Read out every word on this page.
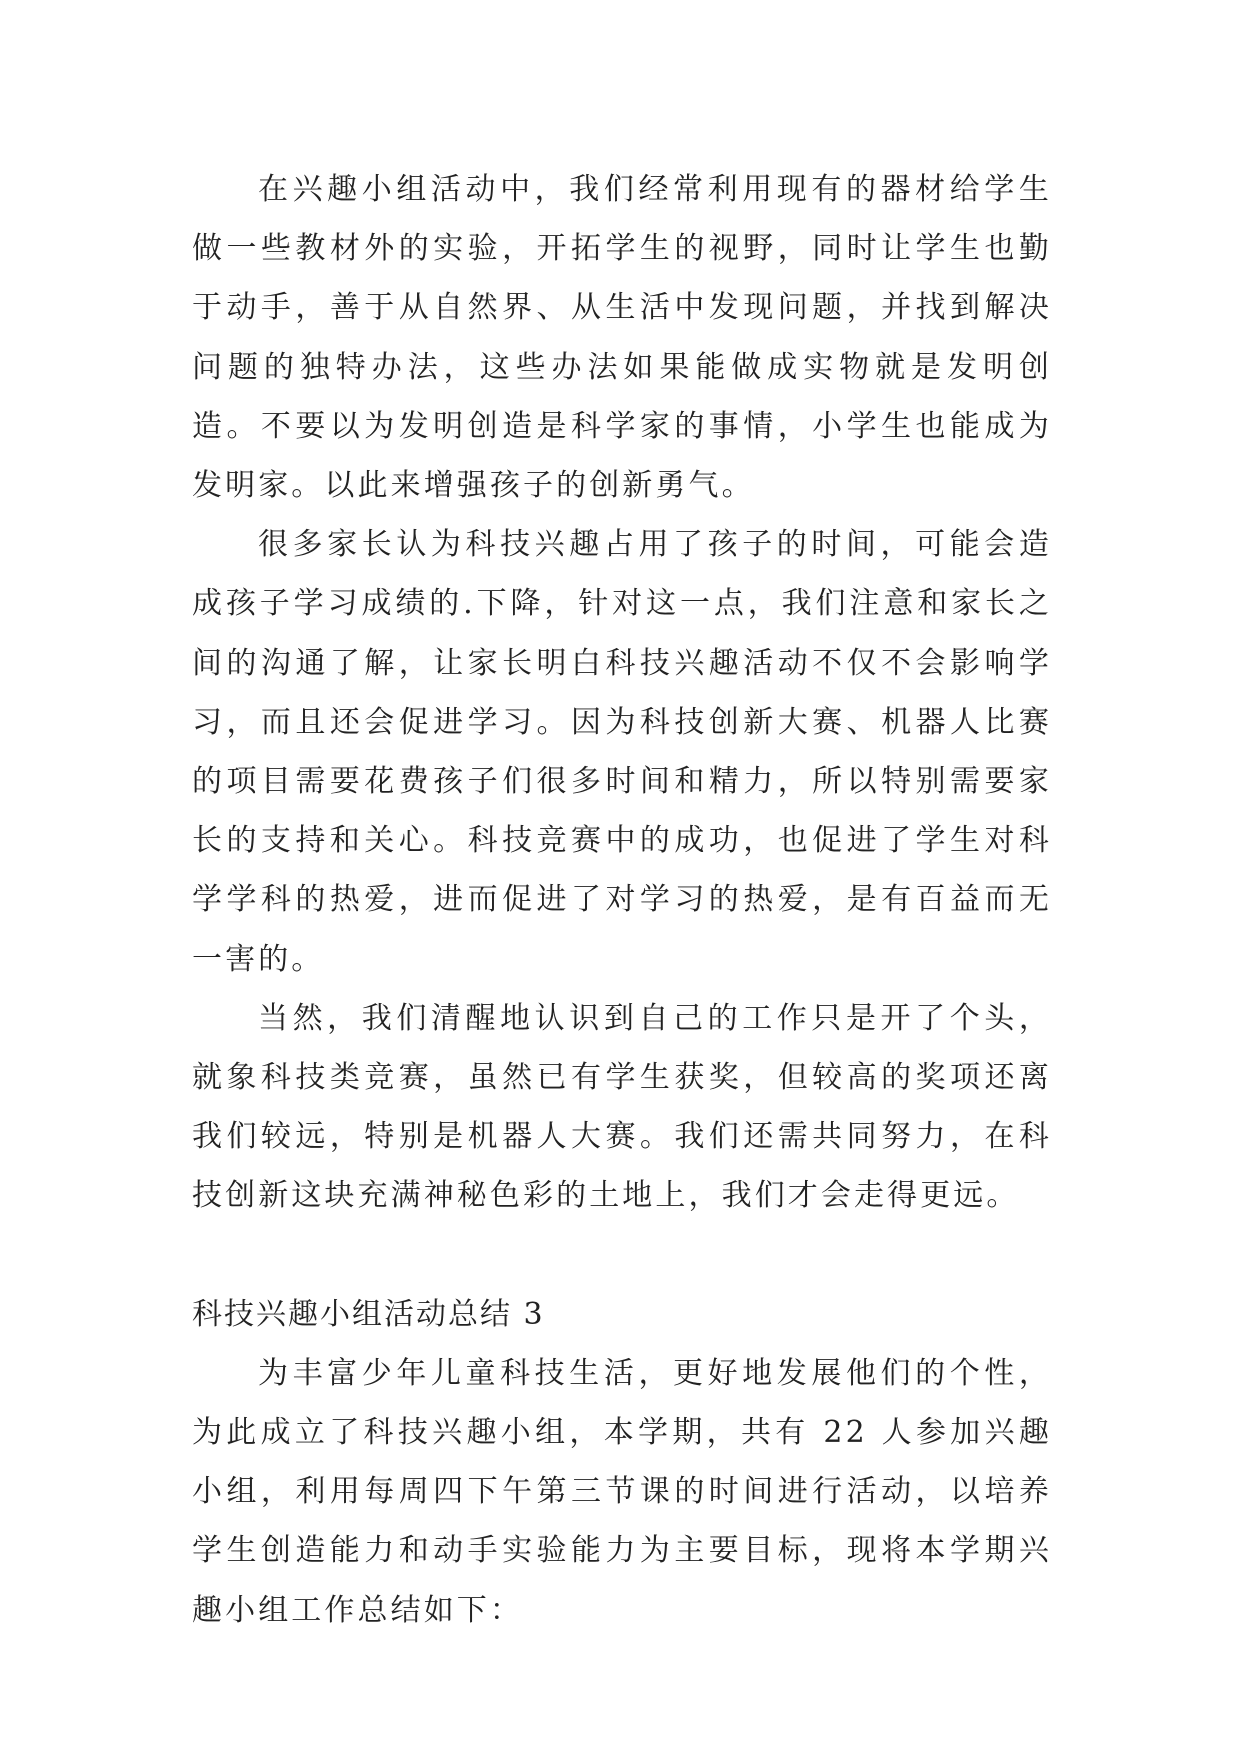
在兴趣小组活动中，我们经常利用现有的器材给学生做一些教材外的实验，开拓学生的视野，同时让学生也勤于动手，善于从自然界、从生活中发现问题，并找到解决问题的独特办法，这些办法如果能做成实物就是发明创造。不要以为发明创造是科学家的事情，小学生也能成为发明家。以此来增强孩子的创新勇气。

很多家长认为科技兴趣占用了孩子的时间，可能会造成孩子学习成绩的.下降，针对这一点，我们注意和家长之间的沟通了解，让家长明白科技兴趣活动不仅不会影响学习，而且还会促进学习。因为科技创新大赛、机器人比赛的项目需要花费孩子们很多时间和精力，所以特别需要家长的支持和关心。科技竞赛中的成功，也促进了学生对科学学科的热爱，进而促进了对学习的热爱，是有百益而无一害的。

当然，我们清醒地认识到自己的工作只是开了个头，就象科技类竞赛，虽然已有学生获奖，但较高的奖项还离我们较远，特别是机器人大赛。我们还需共同努力，在科技创新这块充满神秘色彩的土地上，我们才会走得更远。

科技兴趣小组活动总结 3

为丰富少年儿童科技生活，更好地发展他们的个性，为此成立了科技兴趣小组，本学期，共有 22 人参加兴趣小组，利用每周四下午第三节课的时间进行活动，以培养学生创造能力和动手实验能力为主要目标，现将本学期兴趣小组工作总结如下：
